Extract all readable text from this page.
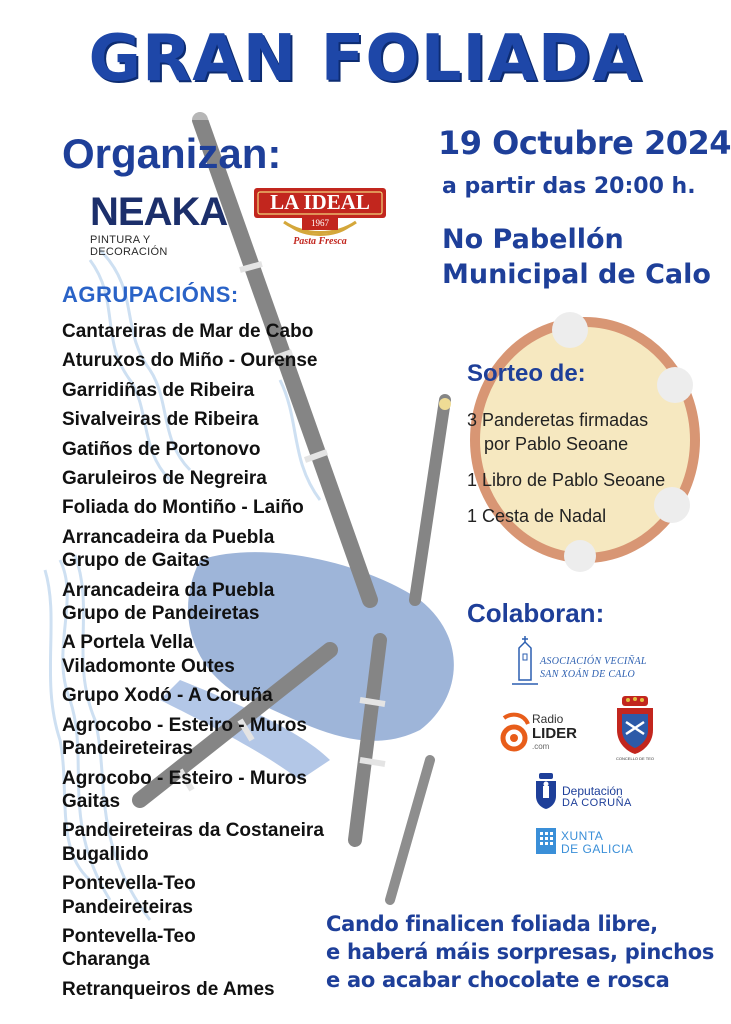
GRAN FOLIADA
Organizan:
NEAKA
PINTURA Y DECORACIÓN
LA IDEAL
1967
Pasta Fresca
AGRUPACIÓNS:
Cantareiras de Mar de Cabo
Aturuxos do Miño - Ourense
Garridiñas de Ribeira
Sivalveiras de Ribeira
Gatiños de Portonovo
Garuleiros de Negreira
Foliada do Montiño - Laiño
Arrancadeira da Puebla
Grupo de Gaitas
Arrancadeira da Puebla
Grupo de Pandeiretas
A Portela Vella
Viladomonte Outes
Grupo Xodó - A Coruña
Agrocobo - Esteiro - Muros
Pandeireteiras
Agrocobo - Esteiro - Muros
Gaitas
Pandeireteiras da Costaneira
Bugallido
Pontevella-Teo
Pandeireteiras
Pontevella-Teo
Charanga
Retranqueiros de Ames
19 Octubre 2024
a partir das 20:00 h.
No Pabellón
Municipal de Calo
Sorteo de:
3 Panderetas firmadas
por Pablo Seoane
1 Libro de Pablo Seoane
1 Cesta de Nadal
Colaboran:
ASOCIACIÓN VECIÑAL
SAN XOÁN DE CALO
Radio
LIDER
.com
CONCELLO DE TEO
Deputación
DA CORUÑA
XUNTA
DE GALICIA
Cando finalicen foliada libre,
e haberá máis sorpresas, pinchos
e ao acabar chocolate e rosca
